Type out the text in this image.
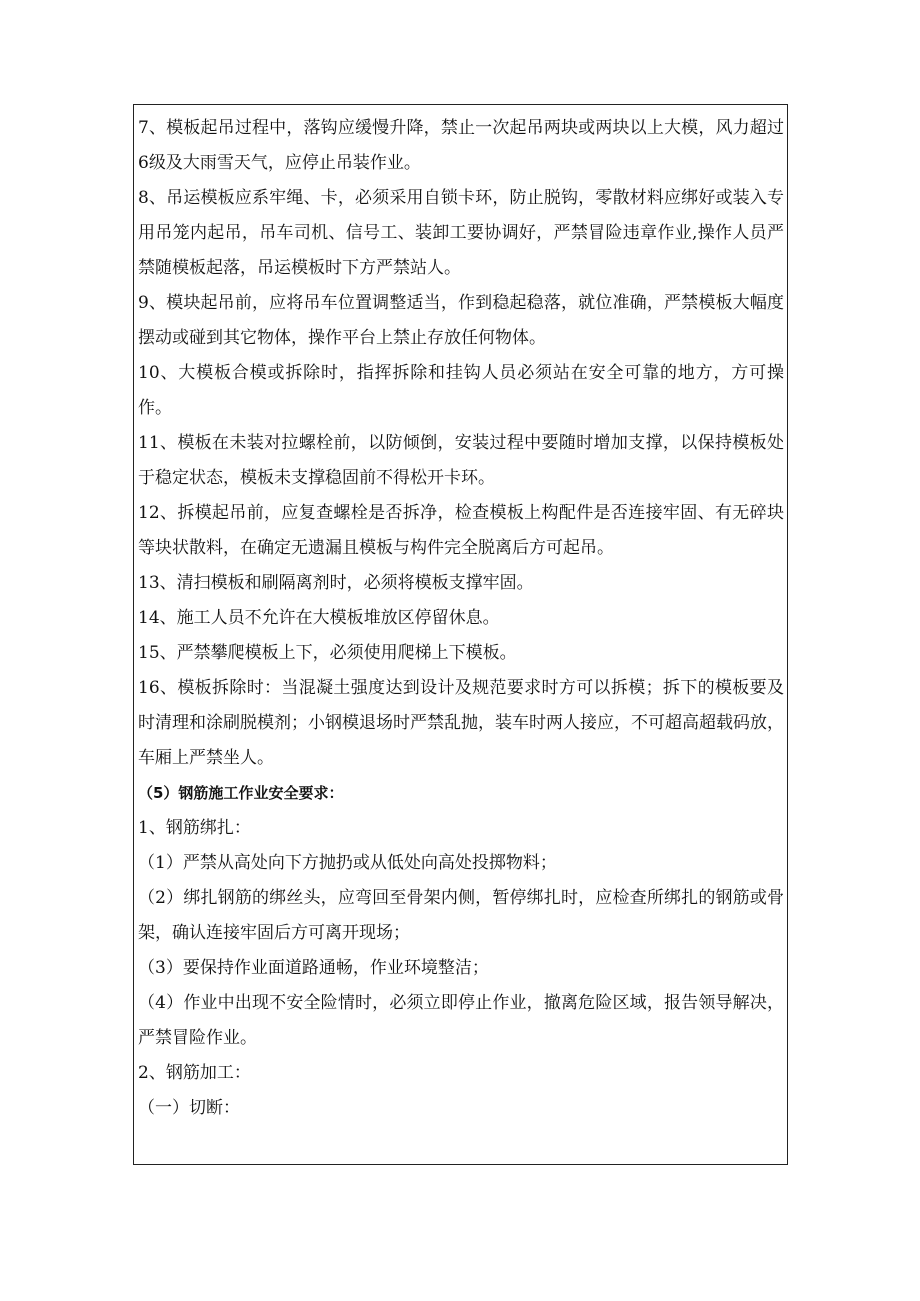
7、模板起吊过程中，落钩应缓慢升降，禁止一次起吊两块或两块以上大模，风力超过6级及大雨雪天气，应停止吊装作业。

8、吊运模板应系牢绳、卡，必须采用自锁卡环，防止脱钩，零散材料应绑好或装入专用吊笼内起吊，吊车司机、信号工、装卸工要协调好，严禁冒险违章作业,操作人员严禁随模板起落，吊运模板时下方严禁站人。

9、模块起吊前，应将吊车位置调整适当，作到稳起稳落，就位准确，严禁模板大幅度摆动或碰到其它物体，操作平台上禁止存放任何物体。

10、大模板合模或拆除时，指挥拆除和挂钩人员必须站在安全可靠的地方，方可操作。

11、模板在未装对拉螺栓前，以防倾倒，安装过程中要随时增加支撑，以保持模板处于稳定状态，模板未支撑稳固前不得松开卡环。

12、拆模起吊前，应复查螺栓是否拆净，检查模板上构配件是否连接牢固、有无碎块等块状散料，在确定无遗漏且模板与构件完全脱离后方可起吊。

13、清扫模板和刷隔离剂时，必须将模板支撑牢固。

14、施工人员不允许在大模板堆放区停留休息。

15、严禁攀爬模板上下，必须使用爬梯上下模板。

16、模板拆除时：当混凝土强度达到设计及规范要求时方可以拆模；拆下的模板要及时清理和涂刷脱模剂；小钢模退场时严禁乱抛，装车时两人接应，不可超高超载码放，车厢上严禁坐人。

（5）钢筋施工作业安全要求：

1、钢筋绑扎：

（1）严禁从高处向下方抛扔或从低处向高处投掷物料；

（2）绑扎钢筋的绑丝头，应弯回至骨架内侧，暂停绑扎时，应检查所绑扎的钢筋或骨架，确认连接牢固后方可离开现场；

（3）要保持作业面道路通畅，作业环境整洁；

（4）作业中出现不安全险情时，必须立即停止作业，撤离危险区域，报告领导解决，严禁冒险作业。

2、钢筋加工：

（一）切断：
